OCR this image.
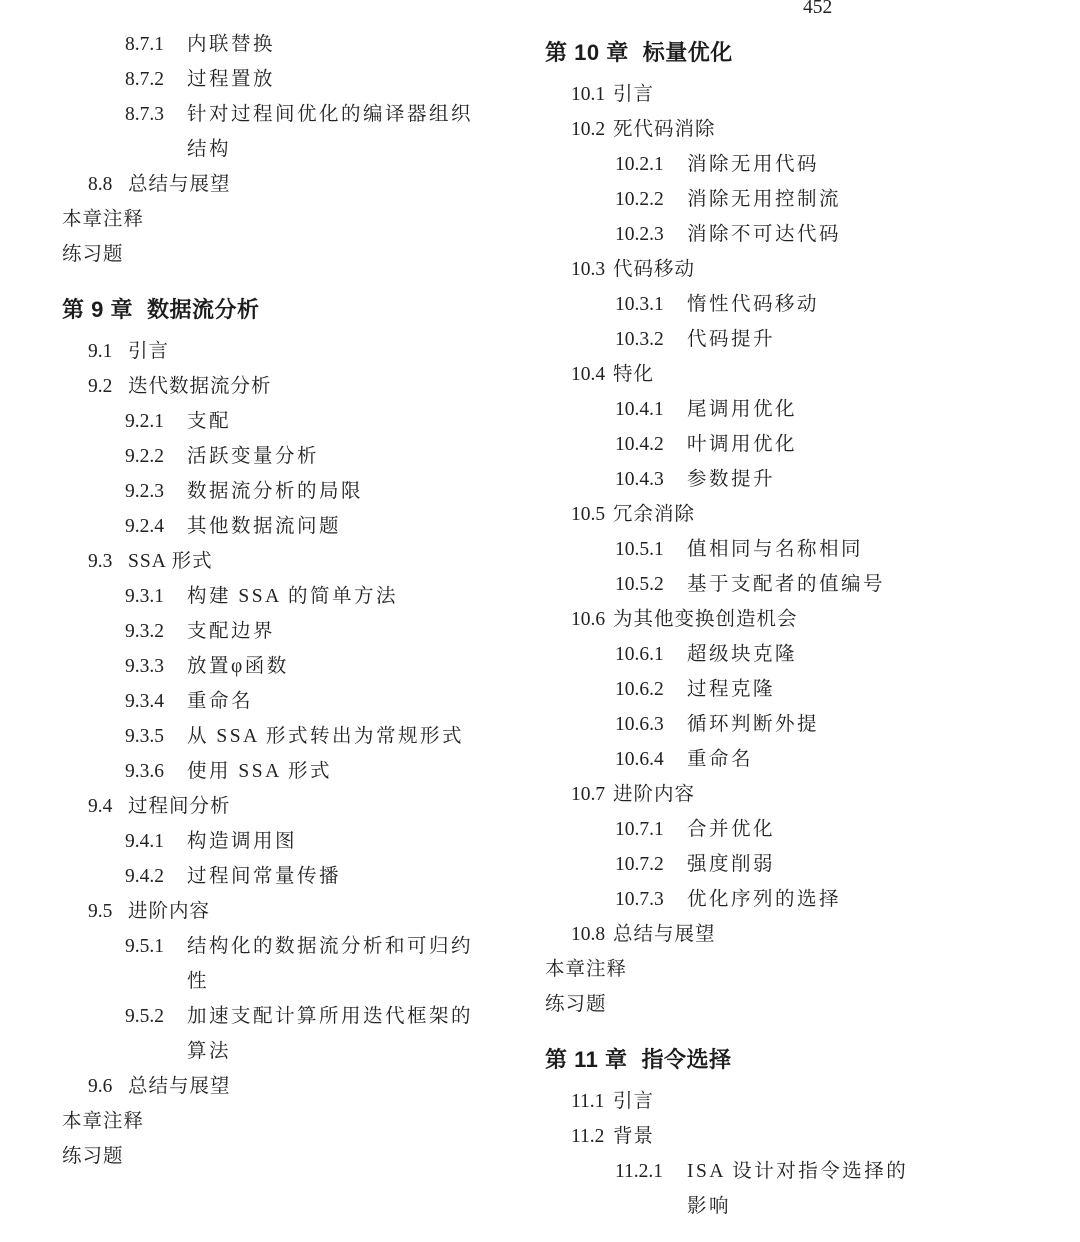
8.7.1	内联替换
8.7.2	过程置放
8.7.3	针对过程间优化的编译器组织
结构
8.8 总结与展望
本章注释
练习题
第 9 章 数据流分析
9.1 引言
9.2 迭代数据流分析
9.2.1	支配
9.2.2	活跃变量分析
9.2.3	数据流分析的局限
9.2.4	其他数据流问题
9.3 SSA 形式
9.3.1	构建 SSA 的简单方法
9.3.2	支配边界
9.3.3	放置φ函数
9.3.4	重命名
9.3.5	从 SSA 形式转出为常规形式
9.3.6	使用 SSA 形式
9.4 过程间分析
9.4.1	构造调用图
9.4.2	过程间常量传播
9.5 进阶内容
9.5.1	结构化的数据流分析和可归约
性
9.5.2	加速支配计算所用迭代框架的
算法
9.6 总结与展望
本章注释
练习题
第 10 章 标量优化
10.1 引言
10.2 死代码消除
10.2.1	消除无用代码
10.2.2	消除无用控制流
10.2.3	消除不可达代码
10.3 代码移动
10.3.1	惰性代码移动
10.3.2	代码提升
10.4 特化
10.4.1	尾调用优化
10.4.2	叶调用优化
10.4.3	参数提升
10.5 冗余消除
10.5.1	值相同与名称相同
10.5.2	基于支配者的值编号
10.6 为其他变换创造机会
10.6.1	超级块克隆
10.6.2	过程克隆
10.6.3	循环判断外提
10.6.4	重命名
10.7 进阶内容
10.7.1	合并优化
10.7.2	强度削弱
10.7.3	优化序列的选择
10.8 总结与展望
本章注释
练习题
第 11 章 指令选择
11.1 引言
11.2 背景
11.2.1	ISA 设计对指令选择的
影响
452
